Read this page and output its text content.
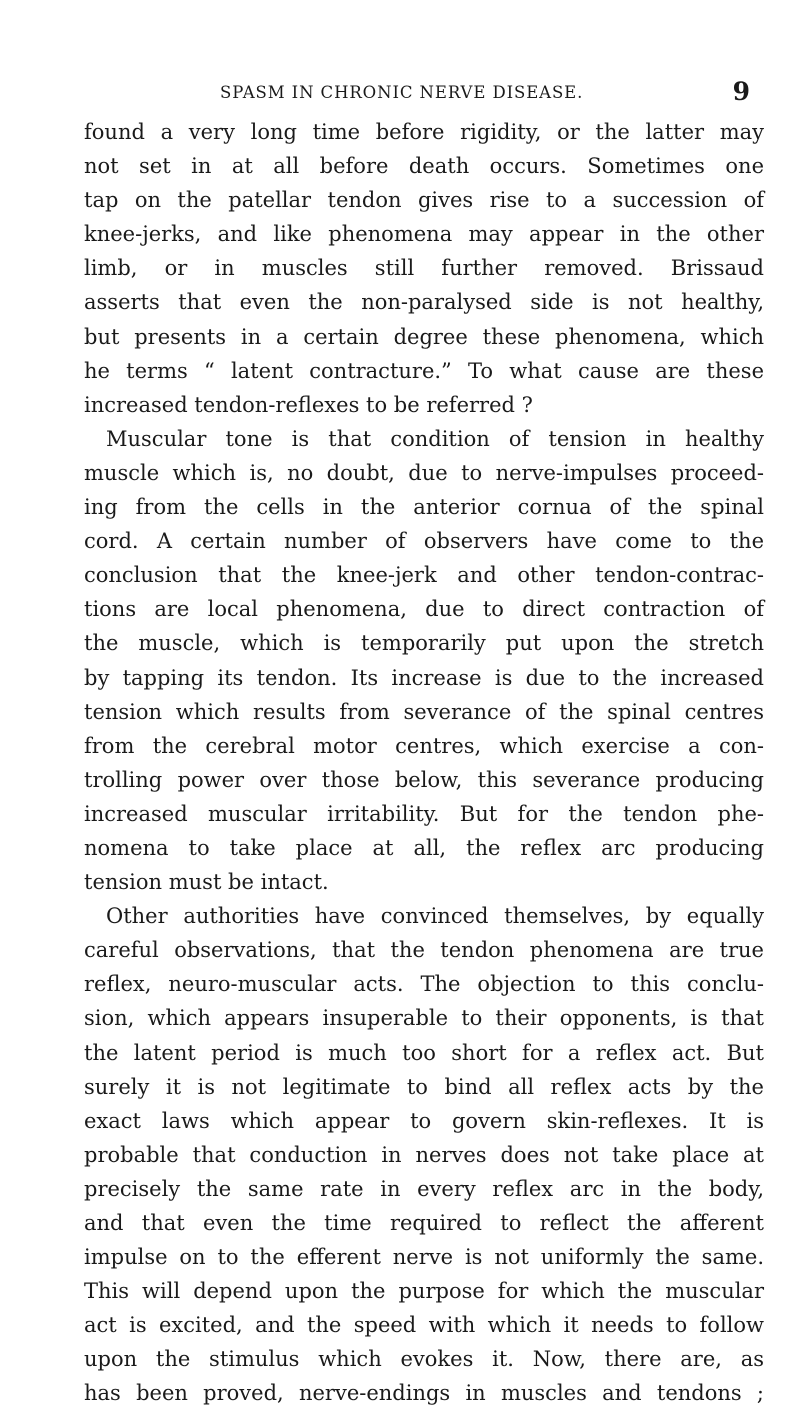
SPASM IN CHRONIC NERVE DISEASE.	9
found a very long time before rigidity, or the latter may
not set in at all before death occurs. Sometimes one
tap on the patellar tendon gives rise to a succession of
knee-jerks, and like phenomena may appear in the other
limb, or in muscles still further removed. Brissaud
asserts that even the non-paralysed side is not healthy,
but presents in a certain degree these phenomena, which
he terms “ latent contracture.” To what cause are these
increased tendon-reflexes to be referred ?
Muscular tone is that condition of tension in healthy
muscle which is, no doubt, due to nerve-impulses proceed-
ing from the cells in the anterior cornua of the spinal
cord. A certain number of observers have come to the
conclusion that the knee-jerk and other tendon-contrac-
tions are local phenomena, due to direct contraction of
the muscle, which is temporarily put upon the stretch
by tapping its tendon. Its increase is due to the increased
tension which results from severance of the spinal centres
from the cerebral motor centres, which exercise a con-
trolling power over those below, this severance producing
increased muscular irritability. But for the tendon phe-
nomena to take place at all, the reflex arc producing
tension must be intact.
Other authorities have convinced themselves, by equally
careful observations, that the tendon phenomena are true
reflex, neuro-muscular acts. The objection to this conclu-
sion, which appears insuperable to their opponents, is that
the latent period is much too short for a reflex act. But
surely it is not legitimate to bind all reflex acts by the
exact laws which appear to govern skin-reflexes. It is
probable that conduction in nerves does not take place at
precisely the same rate in every reflex arc in the body,
and that even the time required to reflect the afferent
impulse on to the efferent nerve is not uniformly the same.
This will depend upon the purpose for which the muscular
act is excited, and the speed with which it needs to follow
upon the stimulus which evokes it. Now, there are, as
has been proved, nerve-endings in muscles and tendons ;
